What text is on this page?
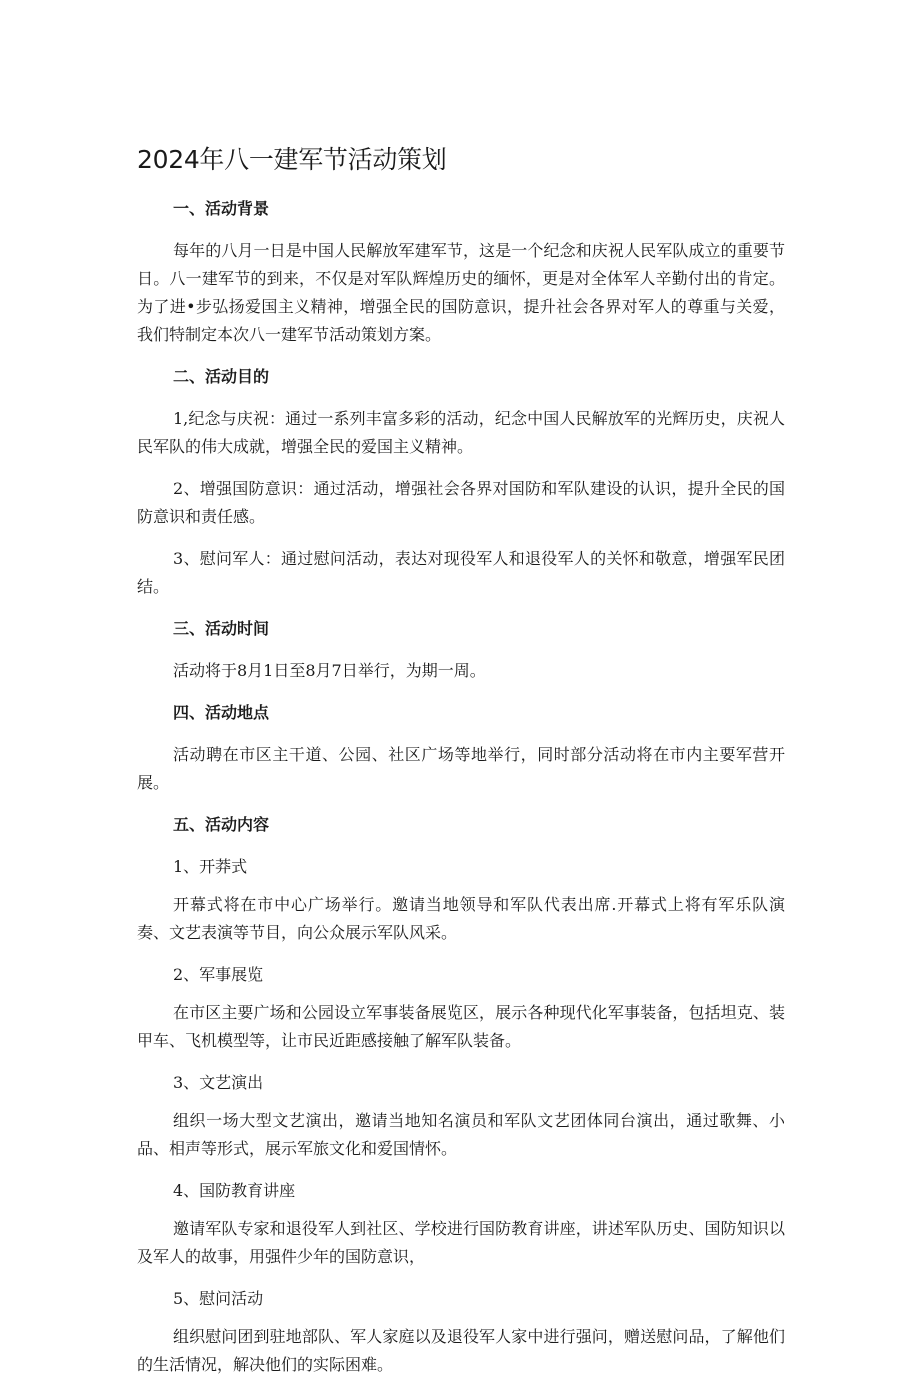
2024年八一建军节活动策划
一、活动背景

每年的八月一日是中国人民解放军建军节，这是一个纪念和庆祝人民军队成立的重要节日。八一建军节的到来，不仅是对军队辉煌历史的缅怀，更是对全体军人辛勤付出的肯定。为了进•步弘扬爱国主义精神，增强全民的国防意识，提升社会各界对军人的尊重与关爱，我们特制定本次八一建军节活动策划方案。

二、活动目的

1,纪念与庆祝：通过一系列丰富多彩的活动，纪念中国人民解放军的光辉历史，庆祝人民军队的伟大成就，增强全民的爱国主义精神。

2、增强国防意识：通过活动，增强社会各界对国防和军队建设的认识，提升全民的国防意识和责任感。

3、慰问军人：通过慰问活动，表达对现役军人和退役军人的关怀和敬意，增强军民团结。

三、活动时间

活动将于8月1日至8月7日举行，为期一周。

四、活动地点

活动聘在市区主干道、公园、社区广场等地举行，同时部分活动将在市内主要军营开展。

五、活动内容
1、开莽式

开幕式将在市中心广场举行。邀请当地领导和军队代表出席.开幕式上将有军乐队演奏、文艺表演等节目，向公众展示军队风采。

2、军事展览

在市区主要广场和公园设立军事装备展览区，展示各种现代化军事装备，包括坦克、装甲车、飞机模型等，让市民近距感接触了解军队装备。

3、文艺演出

组织一场大型文艺演出，邀请当地知名演员和军队文艺团体同台演出，通过歌舞、小品、相声等形式，展示军旅文化和爱国情怀。

4、国防教育讲座

邀请军队专家和退役军人到社区、学校进行国防教育讲座，讲述军队历史、国防知识以及军人的故事，用强件少年的国防意识，

5、慰问活动

组织慰问团到驻地部队、军人家庭以及退役军人家中进行强问，赠送慰问品，了解他们的生活情况，解决他们的实际困难。
